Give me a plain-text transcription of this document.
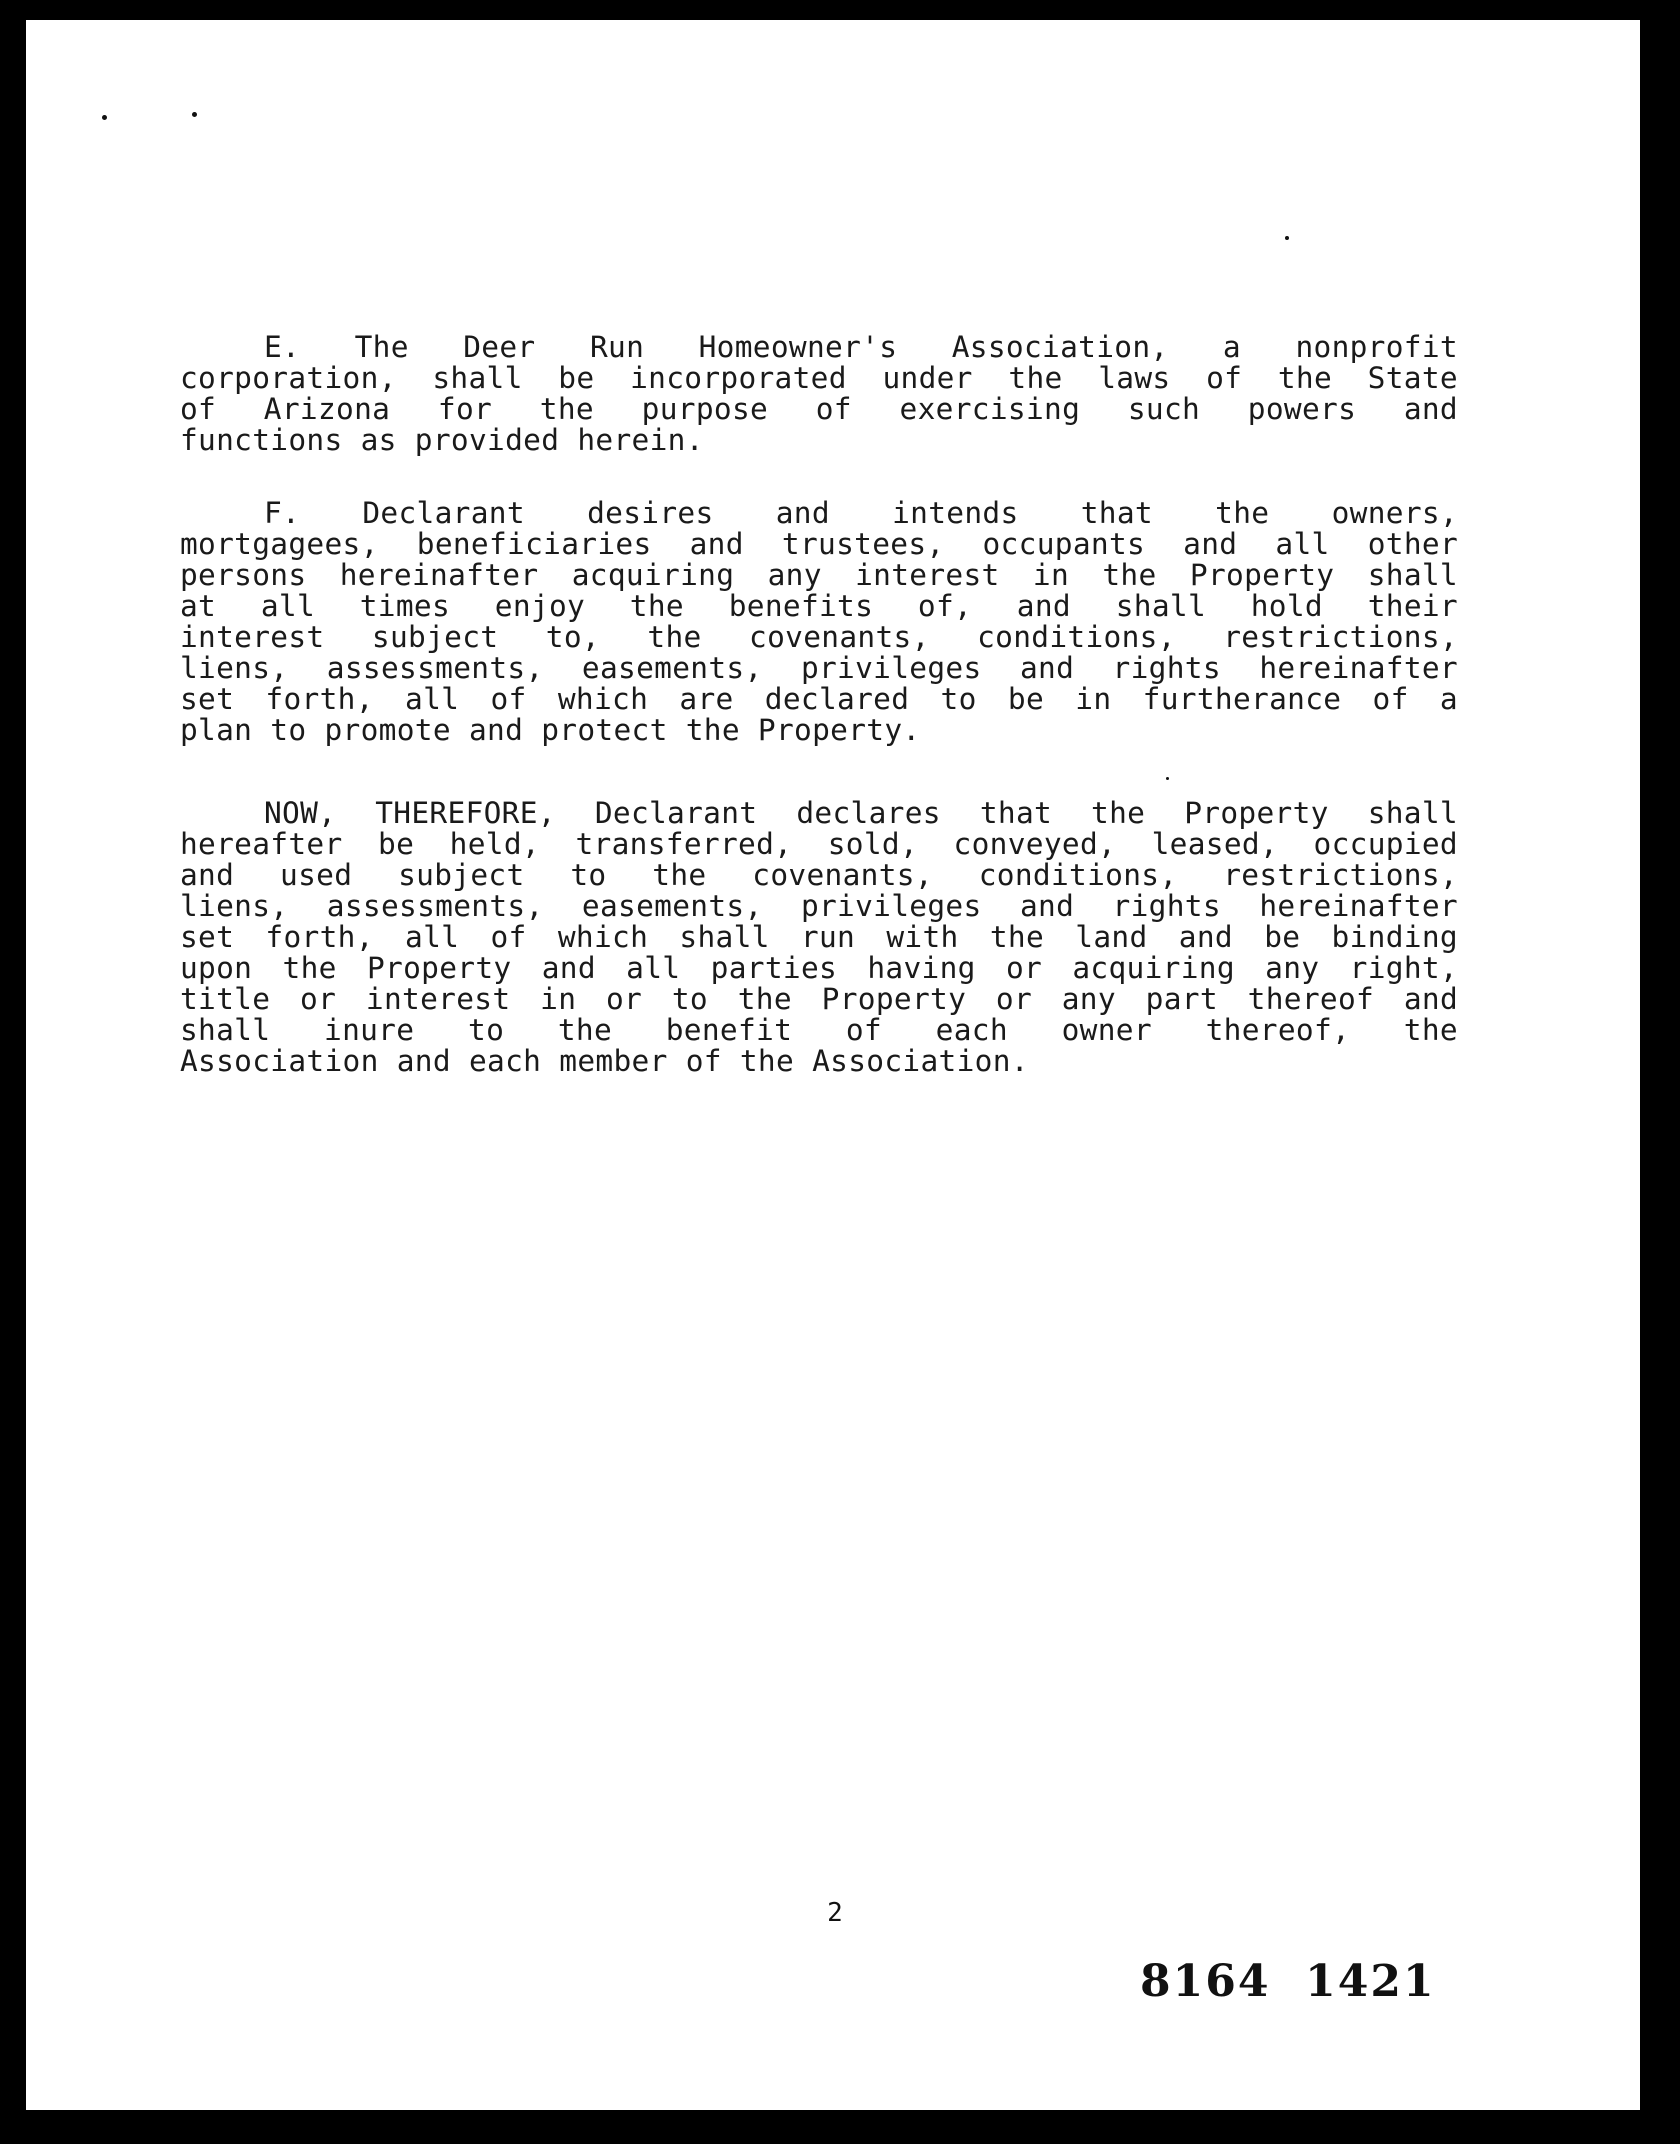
E. The Deer Run Homeowner's Association, a nonprofit
corporation, shall be incorporated under the laws of the State
of Arizona for the purpose of exercising such powers and
functions as provided herein.
F. Declarant desires and intends that the owners,
mortgagees, beneficiaries and trustees, occupants and all other
persons hereinafter acquiring any interest in the Property shall
at all times enjoy the benefits of, and shall hold their
interest subject to, the covenants, conditions, restrictions,
liens, assessments, easements, privileges and rights hereinafter
set forth, all of which are declared to be in furtherance of a
plan to promote and protect the Property.
NOW, THEREFORE, Declarant declares that the Property shall
hereafter be held, transferred, sold, conveyed, leased, occupied
and used subject to the covenants, conditions, restrictions,
liens, assessments, easements, privileges and rights hereinafter
set forth, all of which shall run with the land and be binding
upon the Property and all parties having or acquiring any right,
title or interest in or to the Property or any part thereof and
shall inure to the benefit of each owner thereof, the
Association and each member of the Association.
2
8164  1421
